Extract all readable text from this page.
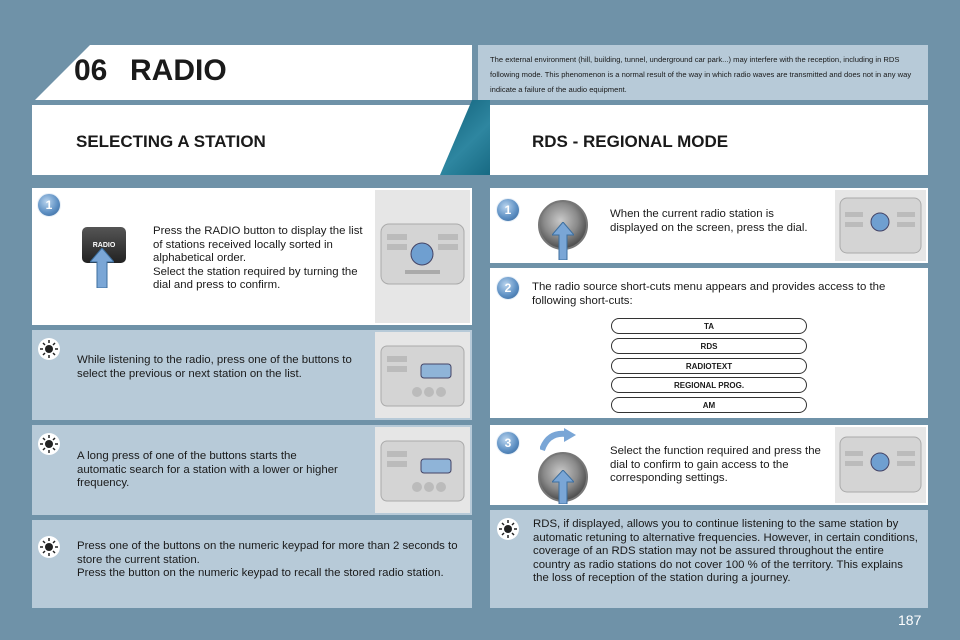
06 RADIO	The external environment (hill, building, tunnel, underground car park...) may interfere with the reception, including in RDS following mode. This phenomenon is a normal result of the way in which radio waves are transmitted and does not in any way indicate a failure of the audio equipment.
SELECTING A STATION	RDS - REGIONAL MODE
1
RADIO
Press the RADIO button to display the list of stations received locally sorted in alphabetical order.
Select the station required by turning the dial and press to confirm.
While listening to the radio, press one of the buttons to select the previous or next station on the list.
A long press of one of the buttons starts the automatic search for a station with a lower or higher frequency.
Press one of the buttons on the numeric keypad for more than 2 seconds to store the current station.
Press the button on the numeric keypad to recall the stored radio station.
1	When the current radio station is displayed on the screen, press the dial.
2	The radio source short-cuts menu appears and provides access to the following short-cuts:
TA
RDS
RADIOTEXT
REGIONAL PROG.
AM
3
Select the function required and press the dial to confirm to gain access to the corresponding settings.
RDS, if displayed, allows you to continue listening to the same station by automatic retuning to alternative frequencies. However, in certain conditions, coverage of an RDS station may not be assured throughout the entire country as radio stations do not cover 100 % of the territory. This explains the loss of reception of the station during a journey.
187
